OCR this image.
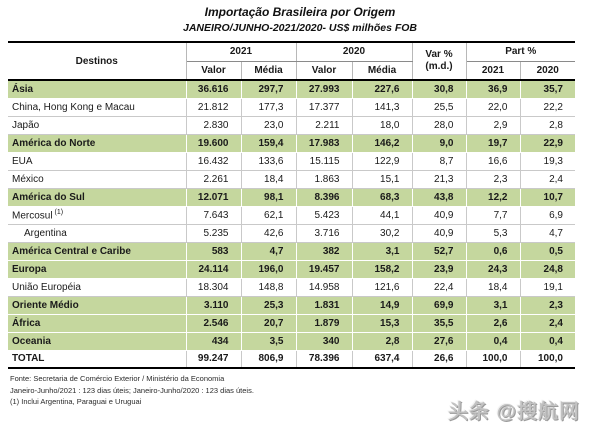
Importação Brasileira por Origem
JANEIRO/JUNHO-2021/2020- US$ milhões FOB
Destinos	2021		2020		Var %
(m.d.)	Part %	
	Valor	Média	Valor	Média		2021	2020
Ásia	36.616	297,7	27.993	227,6	30,8	36,9	35,7
China, Hong Kong e Macau	21.812	177,3	17.377	141,3	25,5	22,0	22,2
Japão	2.830	23,0	2.211	18,0	28,0	2,9	2,8
América do Norte	19.600	159,4	17.983	146,2	9,0	19,7	22,9
EUA	16.432	133,6	15.115	122,9	8,7	16,6	19,3
México	2.261	18,4	1.863	15,1	21,3	2,3	2,4
América do Sul	12.071	98,1	8.396	68,3	43,8	12,2	10,7
Mercosul $^{(1)}$	7.643	62,1	5.423	44,1	40,9	7,7	6,9
Argentina	5.235	42,6	3.716	30,2	40,9	5,3	4,7
América Central e Caribe	583	4,7	382	3,1	52,7	0,6	0,5
Europa	24.114	196,0	19.457	158,2	23,9	24,3	24,8
União Européia	18.304	148,8	14.958	121,6	22,4	18,4	19,1
Oriente Médio	3.110	25,3	1.831	14,9	69,9	3,1	2,3
África	2.546	20,7	1.879	15,3	35,5	2,6	2,4
Oceania	434	3,5	340	2,8	27,6	0,4	0,4
TOTAL	99.247	806,9	78.396	637,4	26,6	100,0	100,0
Fonte: Secretaria de Comércio Exterior / Ministério da Economia
Janeiro-Junho/2021 : 123 dias úteis; Janeiro-Junho/2020 : 123 dias úteis.
(1) Inclui Argentina, Paraguai e Uruguai	头条 @搜航网
